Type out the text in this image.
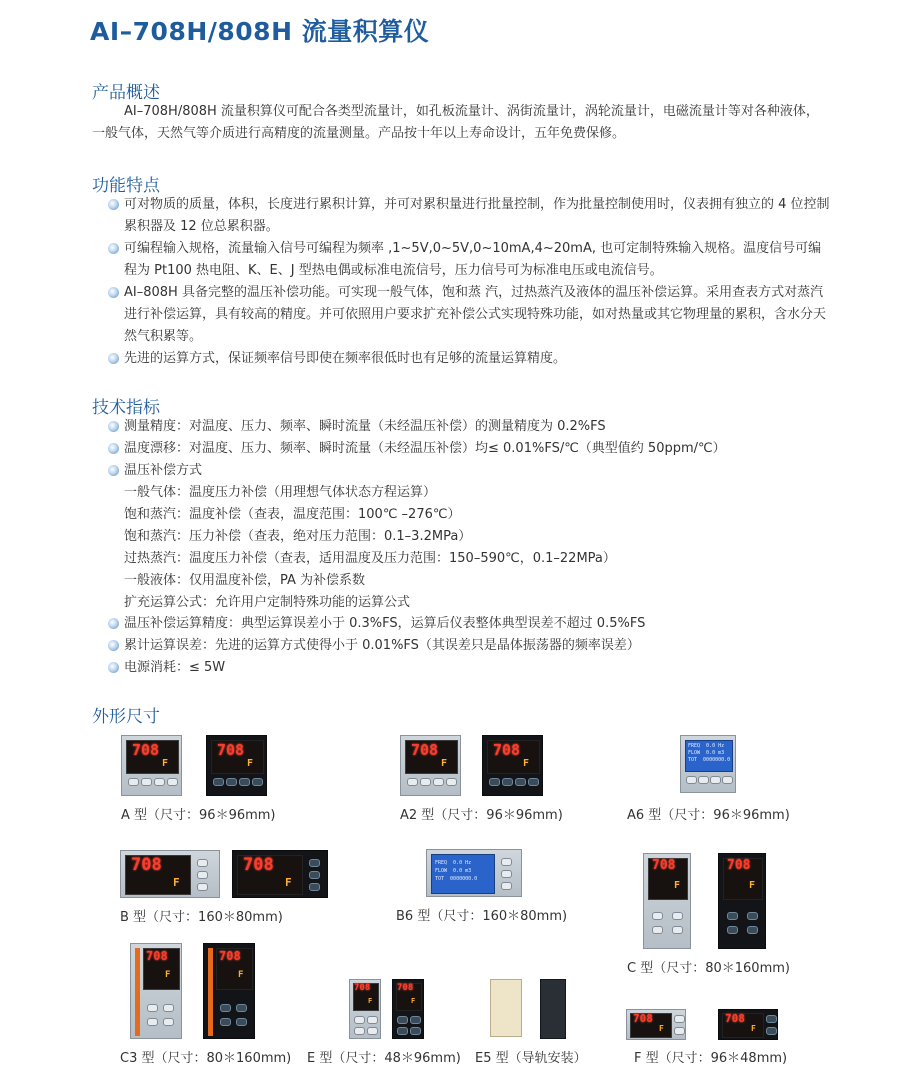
AI–708H/808H 流量积算仪
产品概述
AI–708H/808H 流量积算仪可配合各类型流量计，如孔板流量计、涡街流量计，涡轮流量计，电磁流量计等对各种液体，一般气体，天然气等介质进行高精度的流量测量。产品按十年以上寿命设计，五年免费保修。
功能特点
可对物质的质量，体积，长度进行累积计算，并可对累积量进行批量控制，作为批量控制使用时，仪表拥有独立的 4 位控制累积器及 12 位总累积器。
可编程输入规格，流量输入信号可编程为频率 ,1~5V,0~5V,0~10mA,4~20mA, 也可定制特殊输入规格。温度信号可编程为 Pt100 热电阻、K、E、J 型热电偶或标准电流信号，压力信号可为标准电压或电流信号。
AI–808H 具备完整的温压补偿功能。可实现一般气体，饱和蒸 汽，过热蒸汽及液体的温压补偿运算。采用查表方式对蒸汽进行补偿运算，具有较高的精度。并可依照用户要求扩充补偿公式实现特殊功能，如对热量或其它物理量的累积，含水分天然气积累等。
先进的运算方式，保证频率信号即使在频率很低时也有足够的流量运算精度。
技术指标
测量精度：对温度、压力、频率、瞬时流量（未经温压补偿）的测量精度为 0.2%FS
温度漂移：对温度、压力、频率、瞬时流量（未经温压补偿）均≤ 0.01%FS/℃（典型值约 50ppm/℃）
温压补偿方式
一般气体：温度压力补偿（用理想气体状态方程运算）
饱和蒸汽：温度补偿（查表，温度范围：100℃ –276℃）
饱和蒸汽：压力补偿（查表，绝对压力范围：0.1–3.2MPa）
过热蒸汽：温度压力补偿（查表，适用温度及压力范围：150–590℃，0.1–22MPa）
一般液体：仅用温度补偿，PA 为补偿系数
扩充运算公式：允许用户定制特殊功能的运算公式
温压补偿运算精度：典型运算误差小于 0.3%FS，运算后仪表整体典型误差不超过 0.5%FS
累计运算误差：先进的运算方式使得小于 0.01%FS（其误差只是晶体振荡器的频率误差）
电源消耗：≤ 5W
外形尺寸
708
F
708
F
A 型（尺寸：96＊96mm)
708
F
708
F
A2 型（尺寸：96＊96mm)
FREQ  0.0 Hz
FLOW  0.0 m3
TOT  0000000.0
A6 型（尺寸：96＊96mm)
708
F
708
F
B 型（尺寸：160＊80mm)
FREQ  0.0 Hz
FLOW  0.0 m3
TOT  0000000.0
B6 型（尺寸：160＊80mm)
708
F
708
F
C 型（尺寸：80＊160mm)
708
F
708
F
C3 型（尺寸：80＊160mm)
708
F
708
F
E 型（尺寸：48＊96mm) E5 型（导轨安装）
708
F
708
F
F 型（尺寸：96＊48mm)
